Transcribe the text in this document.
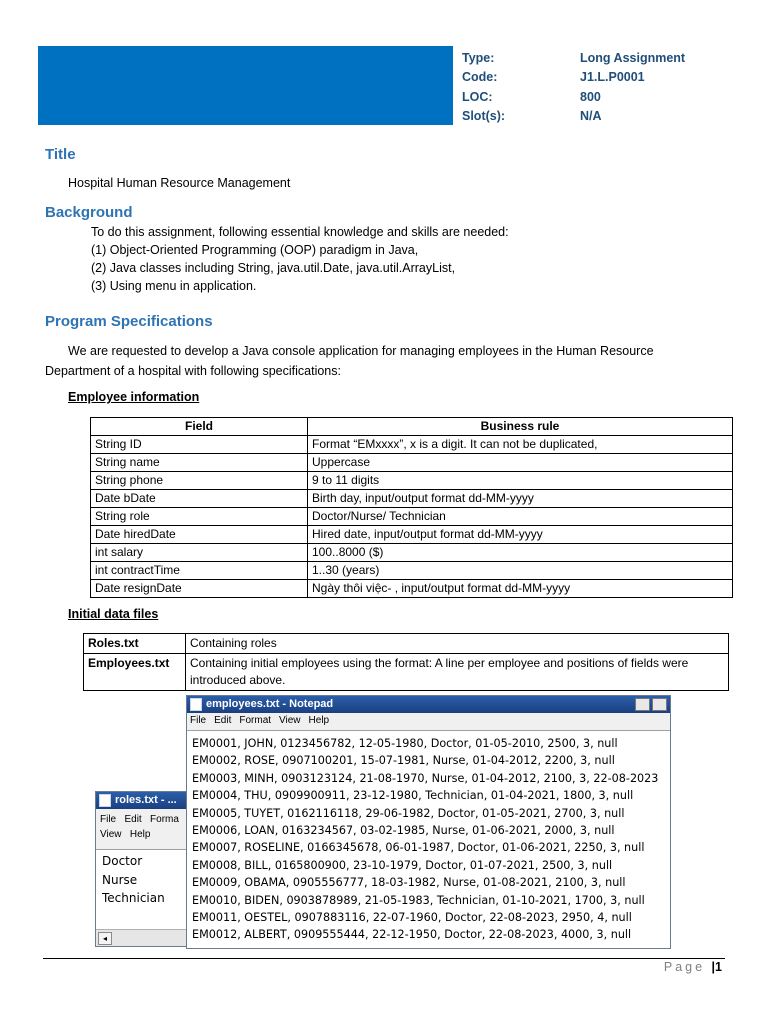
Type:	Long Assignment
Code:	J1.L.P0001
LOC:	800
Slot(s):	N/A
Title
Hospital Human Resource Management
Background
To do this assignment, following essential knowledge and skills are needed:
(1) Object-Oriented Programming (OOP) paradigm in Java,
(2) Java classes including String, java.util.Date, java.util.ArrayList,
(3) Using menu in application.
Program Specifications
We are requested to develop a Java console application for managing employees in the Human Resource
Department of a hospital with following specifications:
Employee information
Field	Business rule
String ID	Format “EMxxxx”, x is a digit. It can not be duplicated,
String name	Uppercase
String phone	9 to 11 digits
Date bDate	Birth day, input/output format dd-MM-yyyy
String role	Doctor/Nurse/ Technician
Date hiredDate	Hired date, input/output format dd-MM-yyyy
int salary	100..8000 ($)
int contractTime	1..30 (years)
Date resignDate	Ngày thôi việc- , input/output format dd-MM-yyyy
Initial data files
Roles.txt	Containing roles
Employees.txt	Containing initial employees using the format: A line per employee and positions of fields were introduced above.
employees.txt - Notepad
File Edit Format View Help
EM0001, JOHN, 0123456782, 12-05-1980, Doctor, 01-05-2010, 2500, 3, null
EM0002, ROSE, 0907100201, 15-07-1981, Nurse, 01-04-2012, 2200, 3, null
EM0003, MINH, 0903123124, 21-08-1970, Nurse, 01-04-2012, 2100, 3, 22-08-2023
EM0004, THU, 0909900911, 23-12-1980, Technician, 01-04-2021, 1800, 3, null
EM0005, TUYET, 0162116118, 29-06-1982, Doctor, 01-05-2021, 2700, 3, null
EM0006, LOAN, 0163234567, 03-02-1985, Nurse, 01-06-2021, 2000, 3, null
EM0007, ROSELINE, 0166345678, 06-01-1987, Doctor, 01-06-2021, 2250, 3, null
EM0008, BILL, 0165800900, 23-10-1979, Doctor, 01-07-2021, 2500, 3, null
EM0009, OBAMA, 0905556777, 18-03-1982, Nurse, 01-08-2021, 2100, 3, null
EM0010, BIDEN, 0903878989, 21-05-1983, Technician, 01-10-2021, 1700, 3, null
EM0011, OESTEL, 0907883116, 22-07-1960, Doctor, 22-08-2023, 2950, 4, null
EM0012, ALBERT, 0909555444, 22-12-1950, Doctor, 22-08-2023, 4000, 3, null
roles.txt - ...
File Edit Forma
View Help
Doctor
Nurse
Technician
◂
Page |1
